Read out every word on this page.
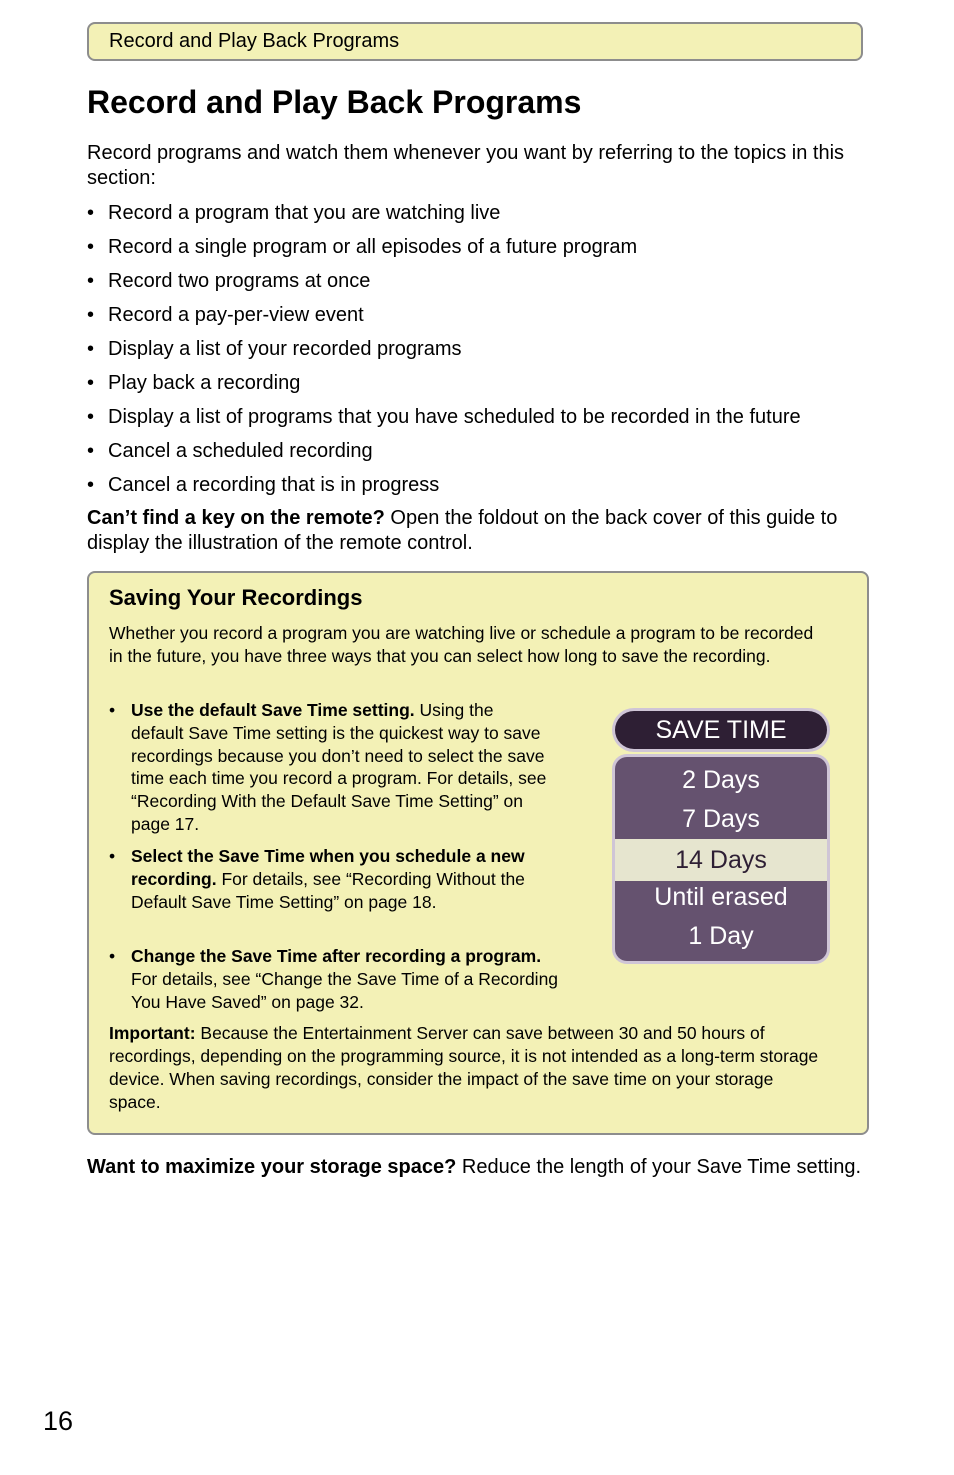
Record and Play Back Programs
Record and Play Back Programs

Record programs and watch them whenever you want by referring to the topics in this section:

• Record a program that you are watching live
• Record a single program or all episodes of a future program
• Record two programs at once
• Record a pay-per-view event
• Display a list of your recorded programs
• Play back a recording
• Display a list of programs that you have scheduled to be recorded in the future
• Cancel a scheduled recording
• Cancel a recording that is in progress

Can’t find a key on the remote? Open the foldout on the back cover of this guide to display the illustration of the remote control.

Saving Your Recordings

Whether you record a program you are watching live or schedule a program to be recorded in the future, you have three ways that you can select how long to save the recording.

• Use the default Save Time setting. Using the default Save Time setting is the quickest way to save recordings because you don’t need to select the save time each time you record a program. For details, see “Recording With the Default Save Time Setting” on page 17.

• Select the Save Time when you schedule a new recording. For details, see “Recording Without the Default Save Time Setting” on page 18.

• Change the Save Time after recording a program. For details, see “Change the Save Time of a Recording You Have Saved” on page 32.

Important: Because the Entertainment Server can save between 30 and 50 hours of recordings, depending on the programming source, it is not intended as a long-term storage device. When saving recordings, consider the impact of the save time on your storage space.

SAVE TIME
2 Days
7 Days
14 Days
Until erased
1 Day

Want to maximize your storage space? Reduce the length of your Save Time setting.

16
